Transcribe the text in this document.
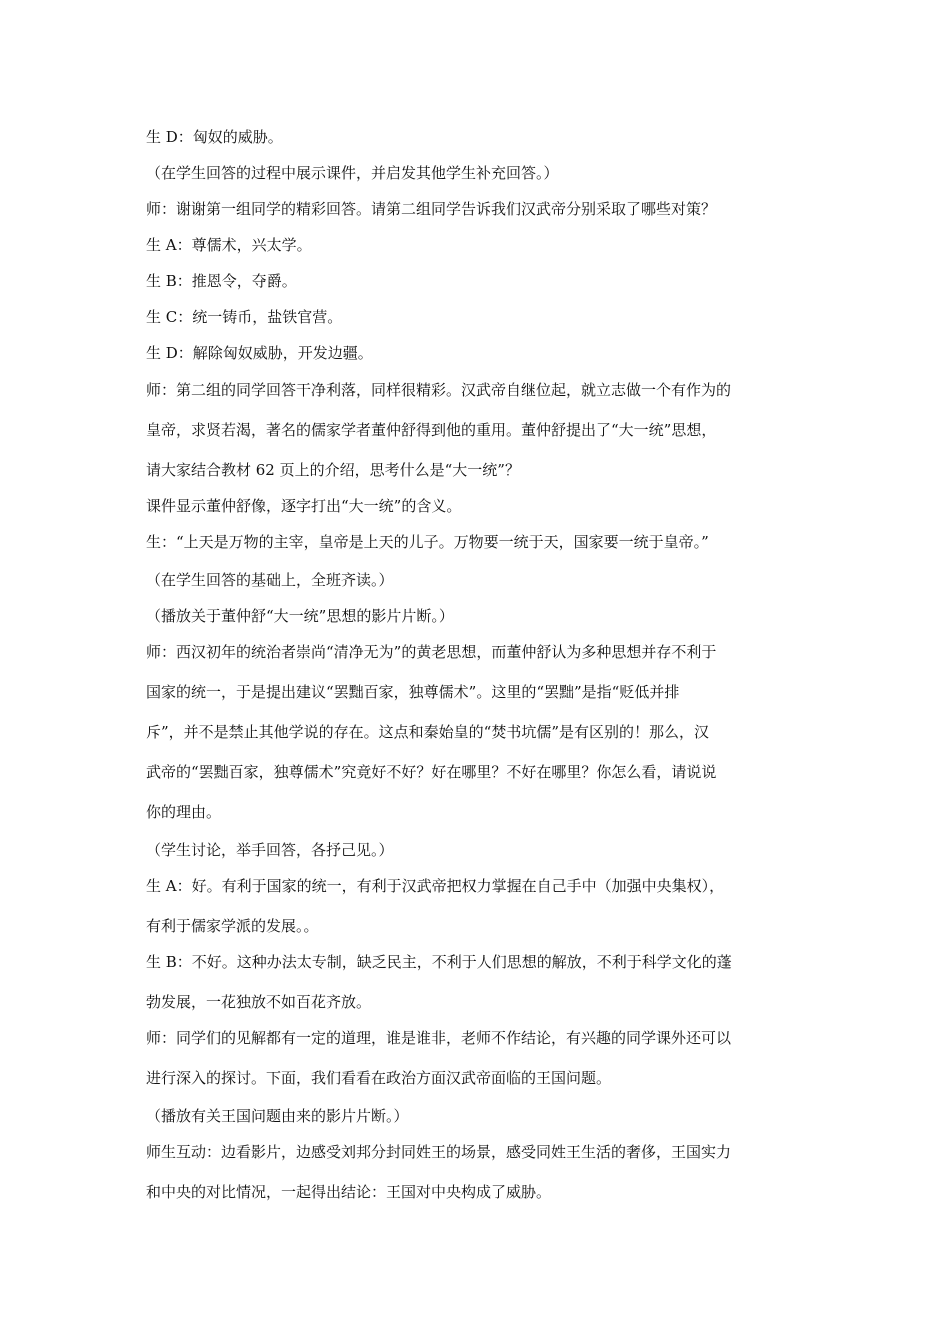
生 D：匈奴的威胁。
（在学生回答的过程中展示课件，并启发其他学生补充回答。）
师：谢谢第一组同学的精彩回答。请第二组同学告诉我们汉武帝分别采取了哪些对策？
生 A：尊儒术，兴太学。
生 B：推恩令，夺爵。
生 C：统一铸币，盐铁官营。
生 D：解除匈奴威胁，开发边疆。
师：第二组的同学回答干净利落，同样很精彩。汉武帝自继位起，就立志做一个有作为的
皇帝，求贤若渴，著名的儒家学者董仲舒得到他的重用。董仲舒提出了“大一统”思想，
请大家结合教材 62 页上的介绍，思考什么是“大一统”？
课件显示董仲舒像，逐字打出“大一统”的含义。
生：“上天是万物的主宰，皇帝是上天的儿子。万物要一统于天，国家要一统于皇帝。”
（在学生回答的基础上，全班齐读。）
（播放关于董仲舒“大一统”思想的影片片断。）
师：西汉初年的统治者崇尚“清净无为”的黄老思想，而董仲舒认为多种思想并存不利于
国家的统一，于是提出建议“罢黜百家，独尊儒术”。这里的“罢黜”是指“贬低并排
斥”，并不是禁止其他学说的存在。这点和秦始皇的“焚书坑儒”是有区别的！那么，汉
武帝的“罢黜百家，独尊儒术”究竟好不好？好在哪里？不好在哪里？你怎么看，请说说
你的理由。
（学生讨论，举手回答，各抒己见。）
生 A：好。有利于国家的统一，有利于汉武帝把权力掌握在自己手中（加强中央集权），
有利于儒家学派的发展。。
生 B：不好。这种办法太专制，缺乏民主，不利于人们思想的解放，不利于科学文化的蓬
勃发展，一花独放不如百花齐放。
师：同学们的见解都有一定的道理，谁是谁非，老师不作结论，有兴趣的同学课外还可以
进行深入的探讨。下面，我们看看在政治方面汉武帝面临的王国问题。
（播放有关王国问题由来的影片片断。）
师生互动：边看影片，边感受刘邦分封同姓王的场景，感受同姓王生活的奢侈，王国实力
和中央的对比情况，一起得出结论：王国对中央构成了威胁。
